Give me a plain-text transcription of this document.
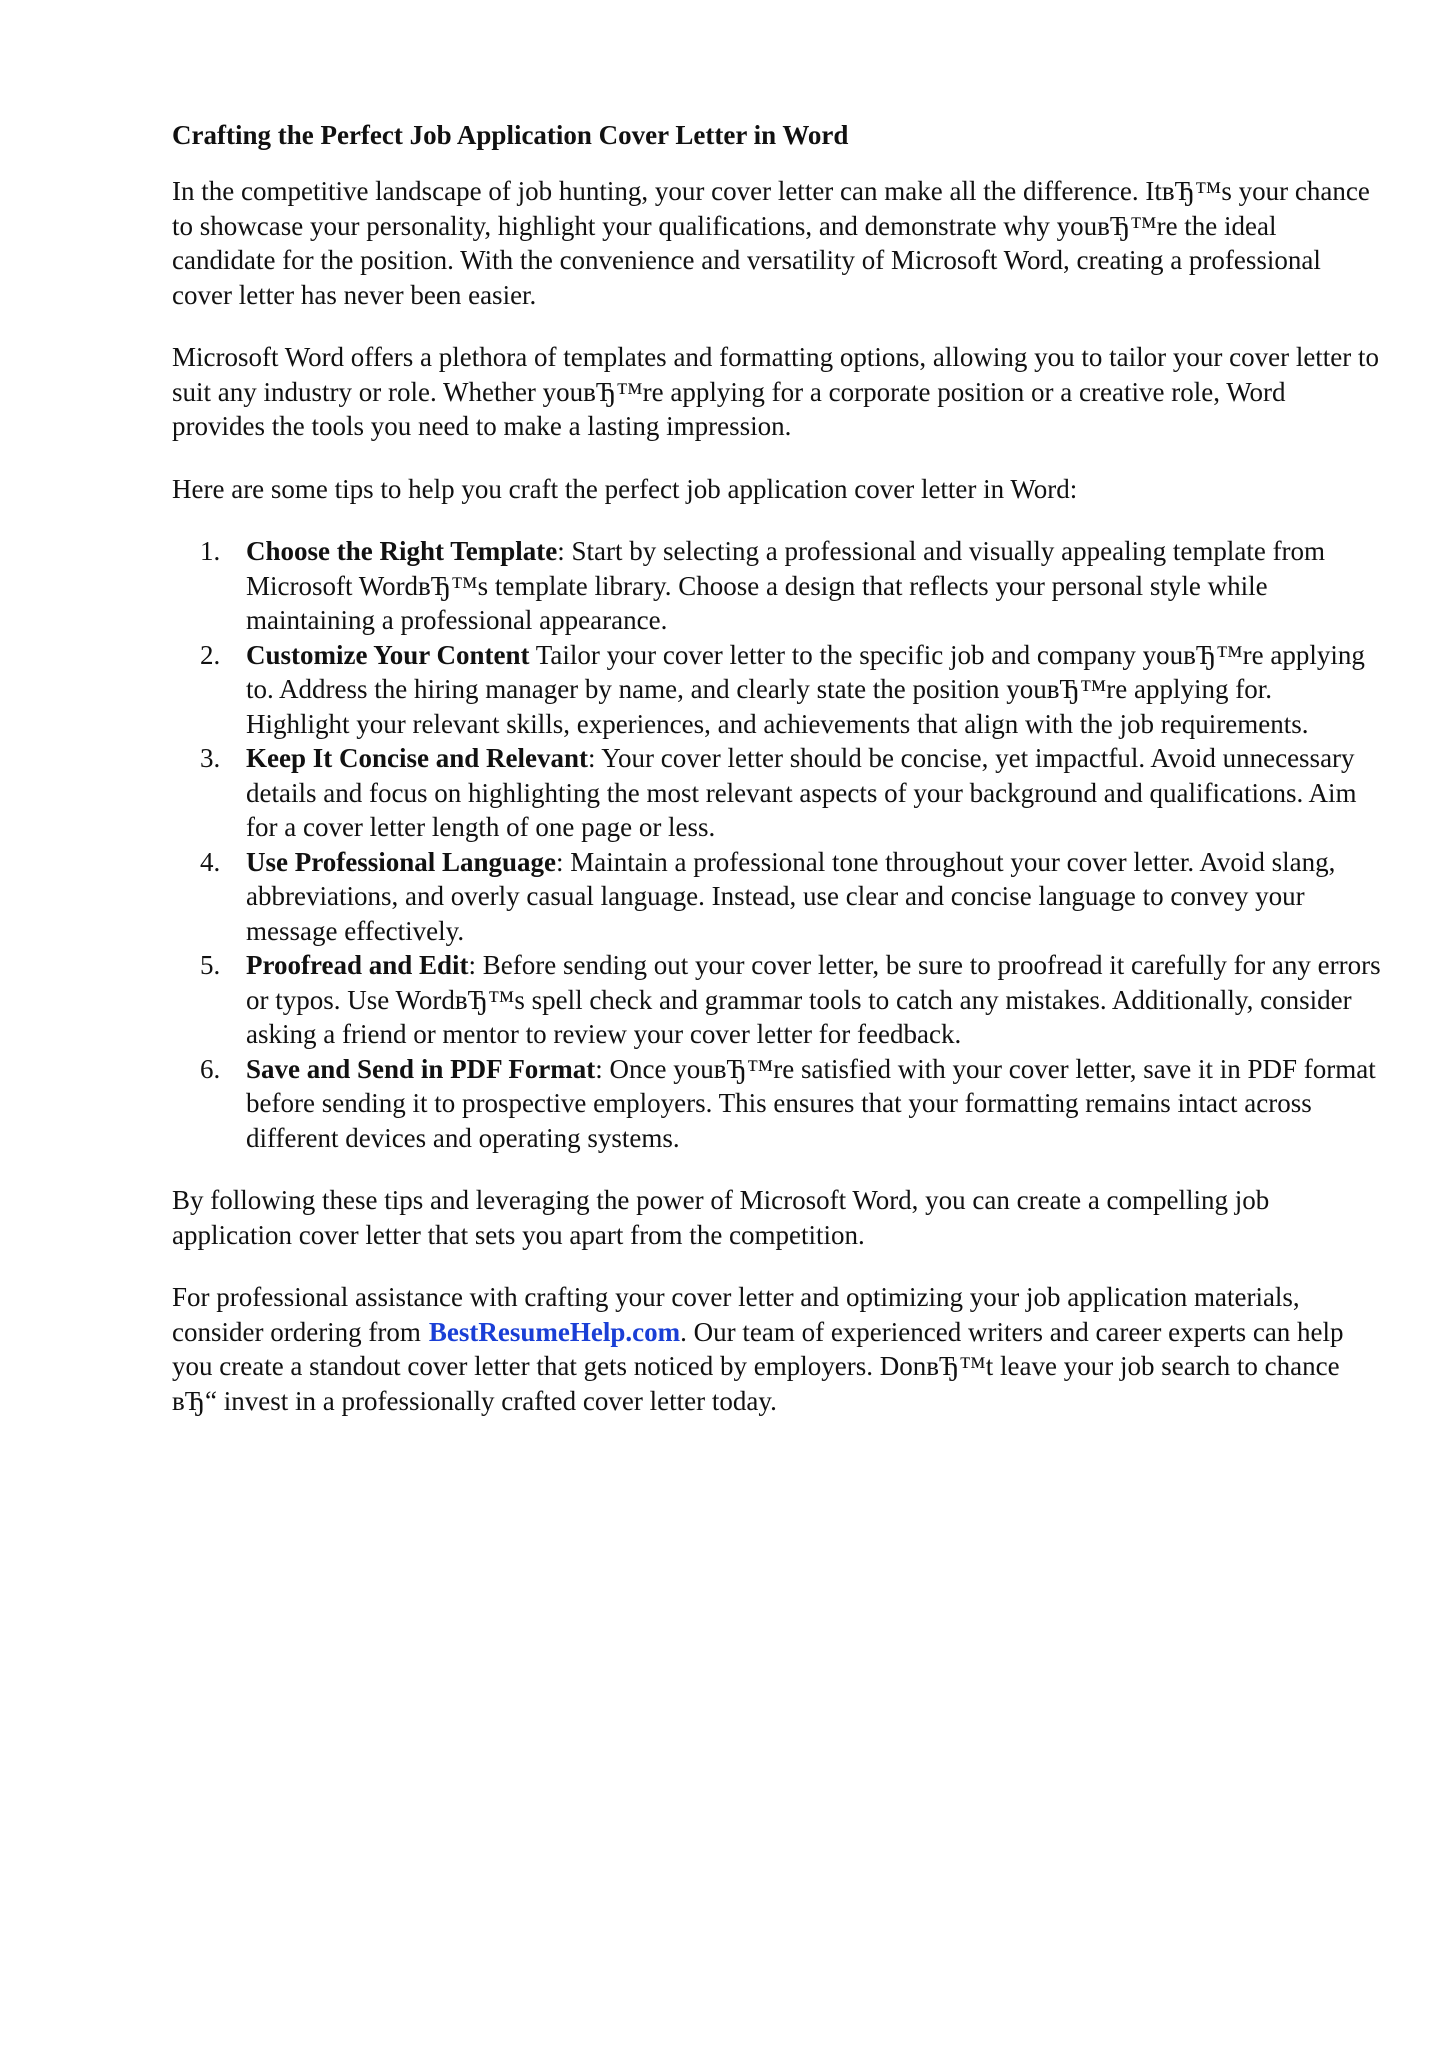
Crafting the Perfect Job Application Cover Letter in Word

In the competitive landscape of job hunting, your cover letter can make all the difference. ItвЂ™s your chance to showcase your personality, highlight your qualifications, and demonstrate why youвЂ™re the ideal candidate for the position. With the convenience and versatility of Microsoft Word, creating a professional cover letter has never been easier.

Microsoft Word offers a plethora of templates and formatting options, allowing you to tailor your cover letter to suit any industry or role. Whether youвЂ™re applying for a corporate position or a creative role, Word provides the tools you need to make a lasting impression.

Here are some tips to help you craft the perfect job application cover letter in Word:

1. Choose the Right Template: Start by selecting a professional and visually appealing template from Microsoft WordвЂ™s template library. Choose a design that reflects your personal style while maintaining a professional appearance.
2. Customize Your Content Tailor your cover letter to the specific job and company youвЂ™re applying to. Address the hiring manager by name, and clearly state the position youвЂ™re applying for. Highlight your relevant skills, experiences, and achievements that align with the job requirements.
3. Keep It Concise and Relevant: Your cover letter should be concise, yet impactful. Avoid unnecessary details and focus on highlighting the most relevant aspects of your background and qualifications. Aim for a cover letter length of one page or less.
4. Use Professional Language: Maintain a professional tone throughout your cover letter. Avoid slang, abbreviations, and overly casual language. Instead, use clear and concise language to convey your message effectively.
5. Proofread and Edit: Before sending out your cover letter, be sure to proofread it carefully for any errors or typos. Use WordвЂ™s spell check and grammar tools to catch any mistakes. Additionally, consider asking a friend or mentor to review your cover letter for feedback.
6. Save and Send in PDF Format: Once youвЂ™re satisfied with your cover letter, save it in PDF format before sending it to prospective employers. This ensures that your formatting remains intact across different devices and operating systems.

By following these tips and leveraging the power of Microsoft Word, you can create a compelling job application cover letter that sets you apart from the competition.

For professional assistance with crafting your cover letter and optimizing your job application materials, consider ordering from BestResumeHelp.com. Our team of experienced writers and career experts can help you create a standout cover letter that gets noticed by employers. DonвЂ™t leave your job search to chance вЂ“ invest in a professionally crafted cover letter today.
